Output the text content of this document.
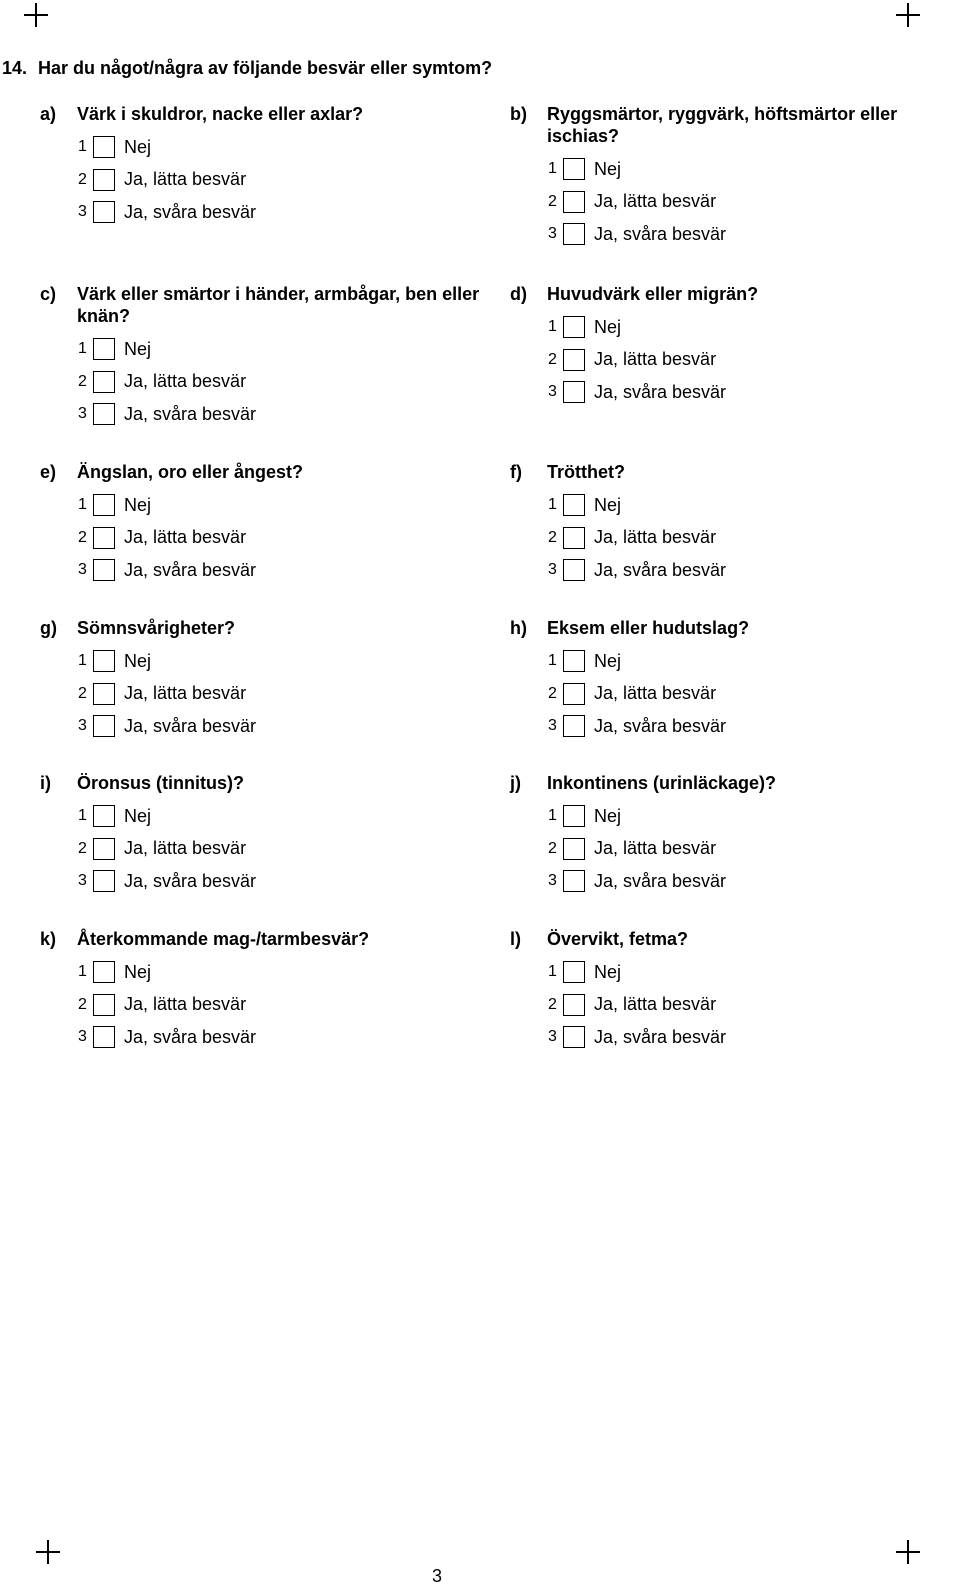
14. Har du något/några av följande besvär eller symtom?
a)	Värk i skuldror, nacke eller axlar?
1	Nej
2	Ja, lätta besvär
3	Ja, svåra besvär
b)	Ryggsmärtor, ryggvärk, höftsmärtor eller ischias?
1	Nej
2	Ja, lätta besvär
3	Ja, svåra besvär
c)	Värk eller smärtor i händer, armbågar, ben eller knän?
1	Nej
2	Ja, lätta besvär
3	Ja, svåra besvär
d)	Huvudvärk eller migrän?
1	Nej
2	Ja, lätta besvär
3	Ja, svåra besvär
e)	Ängslan, oro eller ångest?
1	Nej
2	Ja, lätta besvär
3	Ja, svåra besvär
f)	Trötthet?
1	Nej
2	Ja, lätta besvär
3	Ja, svåra besvär
g)	Sömnsvårigheter?
1	Nej
2	Ja, lätta besvär
3	Ja, svåra besvär
h)	Eksem eller hudutslag?
1	Nej
2	Ja, lätta besvär
3	Ja, svåra besvär
i)	Öronsus (tinnitus)?
1	Nej
2	Ja, lätta besvär
3	Ja, svåra besvär
j)	Inkontinens (urinläckage)?
1	Nej
2	Ja, lätta besvär
3	Ja, svåra besvär
k)	Återkommande mag-/tarmbesvär?
1	Nej
2	Ja, lätta besvär
3	Ja, svåra besvär
l)	Övervikt, fetma?
1	Nej
2	Ja, lätta besvär
3	Ja, svåra besvär
3
